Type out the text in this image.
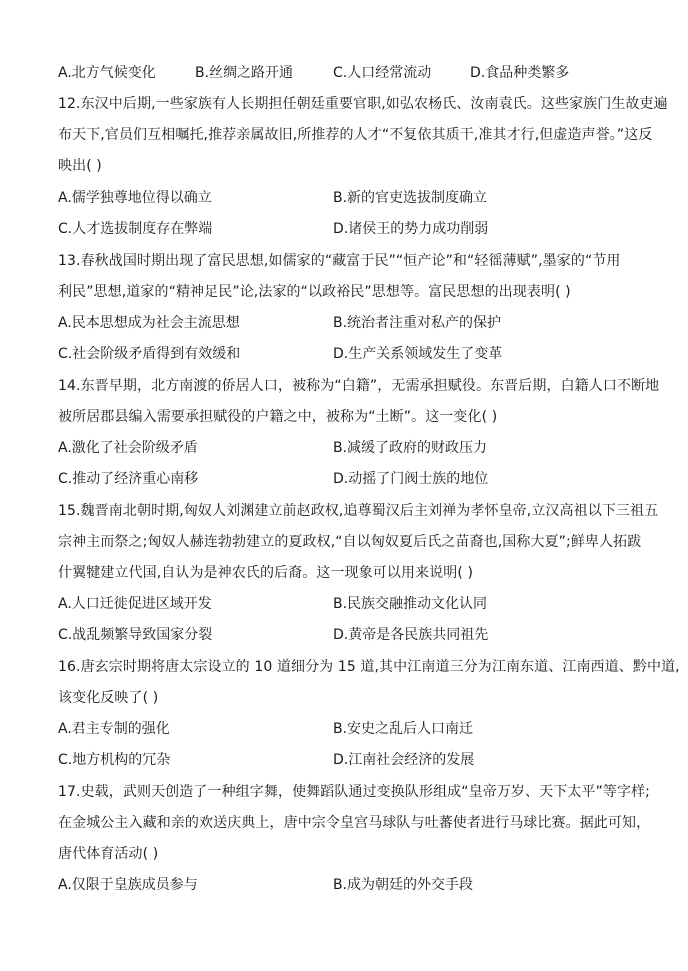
A.北方气候变化	B.丝绸之路开通	C.人口经常流动	D.食品种类繁多
12.东汉中后期,一些家族有人长期担任朝廷重要官职,如弘农杨氏、汝南袁氏。这些家族门生故吏遍
布天下,官员们互相嘱托,推荐亲属故旧,所推荐的人才“不复依其质干,准其才行,但虚造声誉。”这反
映出( )
A.儒学独尊地位得以确立	B.新的官吏选拔制度确立
C.人才选拔制度存在弊端	D.诸侯王的势力成功削弱
13.春秋战国时期出现了富民思想,如儒家的“藏富于民”“恒产论”和“轻徭薄赋”,墨家的“节用
利民”思想,道家的“精神足民”论,法家的“以政裕民”思想等。富民思想的出现表明( )
A.民本思想成为社会主流思想	B.统治者注重对私产的保护
C.社会阶级矛盾得到有效缓和	D.生产关系领域发生了变革
14.东晋早期，北方南渡的侨居人口，被称为“白籍”，无需承担赋役。东晋后期，白籍人口不断地
被所居郡县编入需要承担赋役的户籍之中，被称为“土断”。这一变化( )
A.激化了社会阶级矛盾	B.减缓了政府的财政压力
C.推动了经济重心南移	D.动摇了门阀士族的地位
15.魏晋南北朝时期,匈奴人刘渊建立前赵政权,追尊蜀汉后主刘禅为孝怀皇帝,立汉高祖以下三祖五
宗神主而祭之;匈奴人赫连勃勃建立的夏政权,“自以匈奴夏后氏之苗裔也,国称大夏”;鲜卑人拓跋
什翼犍建立代国,自认为是神农氏的后裔。这一现象可以用来说明( )
A.人口迁徙促进区域开发	B.民族交融推动文化认同
C.战乱频繁导致国家分裂	D.黄帝是各民族共同祖先
16.唐玄宗时期将唐太宗设立的 10 道细分为 15 道,其中江南道三分为江南东道、江南西道、黔中道,
该变化反映了( )
A.君主专制的强化	B.安史之乱后人口南迁
C.地方机构的冗杂	D.江南社会经济的发展
17.史载，武则天创造了一种组字舞，使舞蹈队通过变换队形组成“皇帝万岁、天下太平”等字样;
在金城公主入藏和亲的欢送庆典上，唐中宗令皇宫马球队与吐蕃使者进行马球比赛。据此可知，
唐代体育活动( )
A.仅限于皇族成员参与	B.成为朝廷的外交手段
